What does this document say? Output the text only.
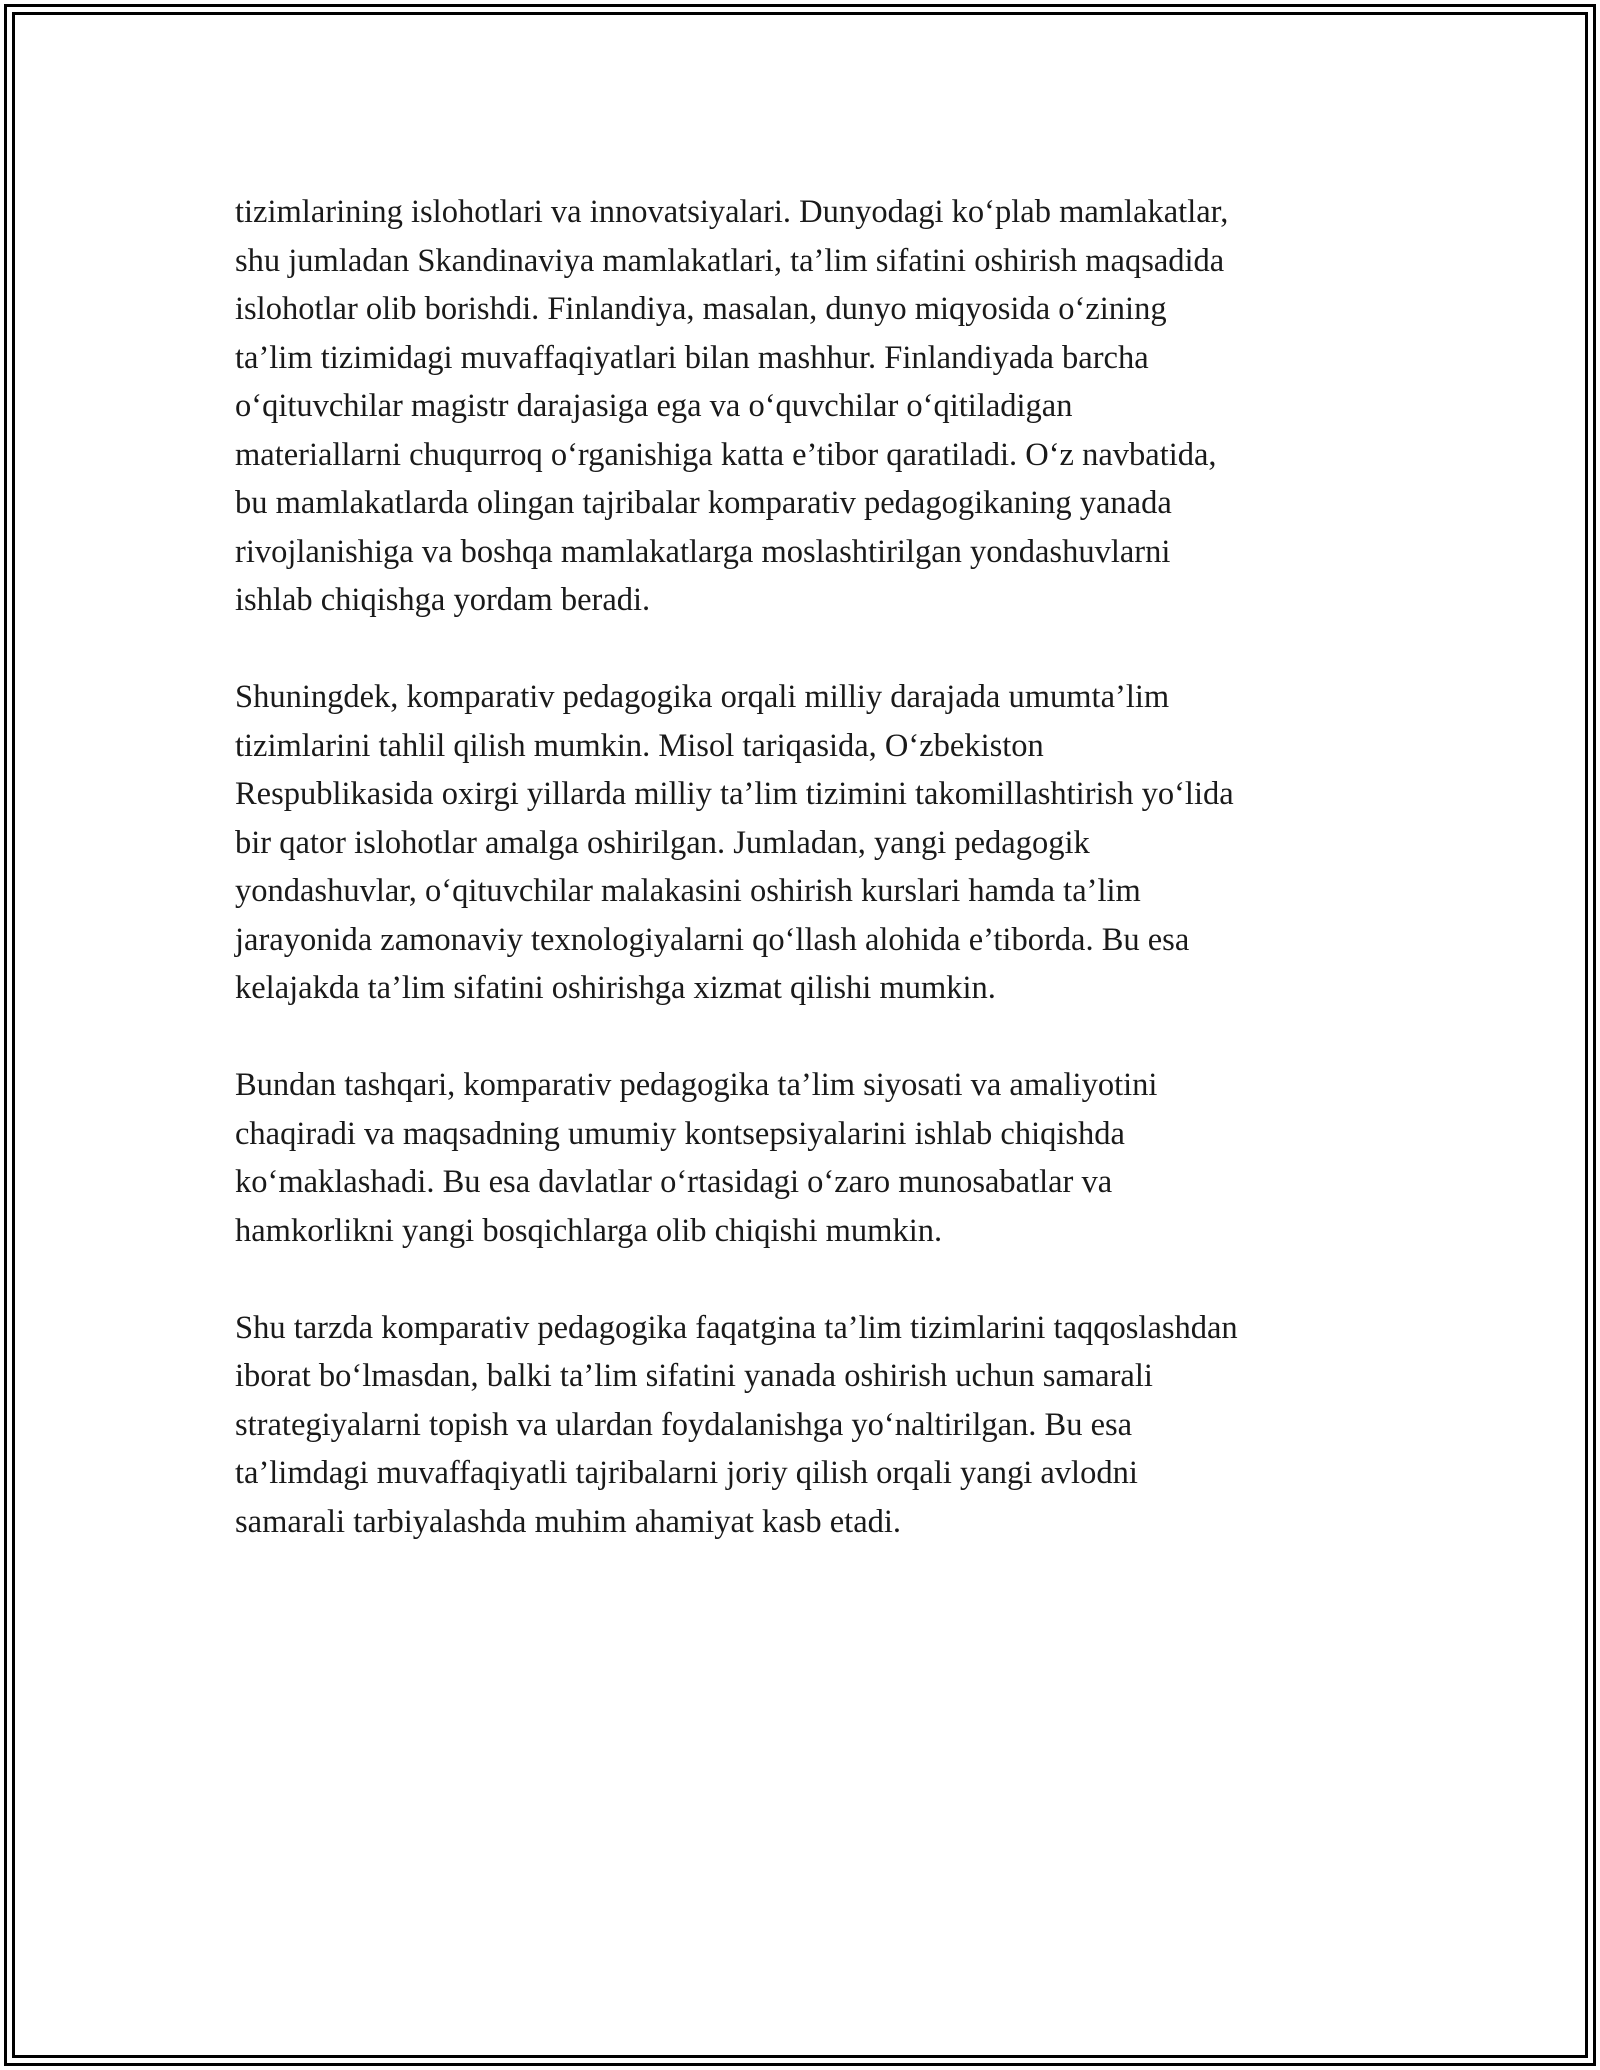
tizimlarining islohotlari va innovatsiyalari. Dunyodagi ko‘plab mamlakatlar,
shu jumladan Skandinaviya mamlakatlari, ta’lim sifatini oshirish maqsadida
islohotlar olib borishdi. Finlandiya, masalan, dunyo miqyosida o‘zining
ta’lim tizimidagi muvaffaqiyatlari bilan mashhur. Finlandiyada barcha
o‘qituvchilar magistr darajasiga ega va o‘quvchilar o‘qitiladigan
materiallarni chuqurroq o‘rganishiga katta e’tibor qaratiladi. O‘z navbatida,
bu mamlakatlarda olingan tajribalar komparativ pedagogikaning yanada
rivojlanishiga va boshqa mamlakatlarga moslashtirilgan yondashuvlarni
ishlab chiqishga yordam beradi.

Shuningdek, komparativ pedagogika orqali milliy darajada umumta’lim
tizimlarini tahlil qilish mumkin. Misol tariqasida, O‘zbekiston
Respublikasida oxirgi yillarda milliy ta’lim tizimini takomillashtirish yo‘lida
bir qator islohotlar amalga oshirilgan. Jumladan, yangi pedagogik
yondashuvlar, o‘qituvchilar malakasini oshirish kurslari hamda ta’lim
jarayonida zamonaviy texnologiyalarni qo‘llash alohida e’tiborda. Bu esa
kelajakda ta’lim sifatini oshirishga xizmat qilishi mumkin.

Bundan tashqari, komparativ pedagogika ta’lim siyosati va amaliyotini
chaqiradi va maqsadning umumiy kontsepsiyalarini ishlab chiqishda
ko‘maklashadi. Bu esa davlatlar o‘rtasidagi o‘zaro munosabatlar va
hamkorlikni yangi bosqichlarga olib chiqishi mumkin.

Shu tarzda komparativ pedagogika faqatgina ta’lim tizimlarini taqqoslashdan
iborat bo‘lmasdan, balki ta’lim sifatini yanada oshirish uchun samarali
strategiyalarni topish va ulardan foydalanishga yo‘naltirilgan. Bu esa
ta’limdagi muvaffaqiyatli tajribalarni joriy qilish orqali yangi avlodni
samarali tarbiyalashda muhim ahamiyat kasb etadi.
